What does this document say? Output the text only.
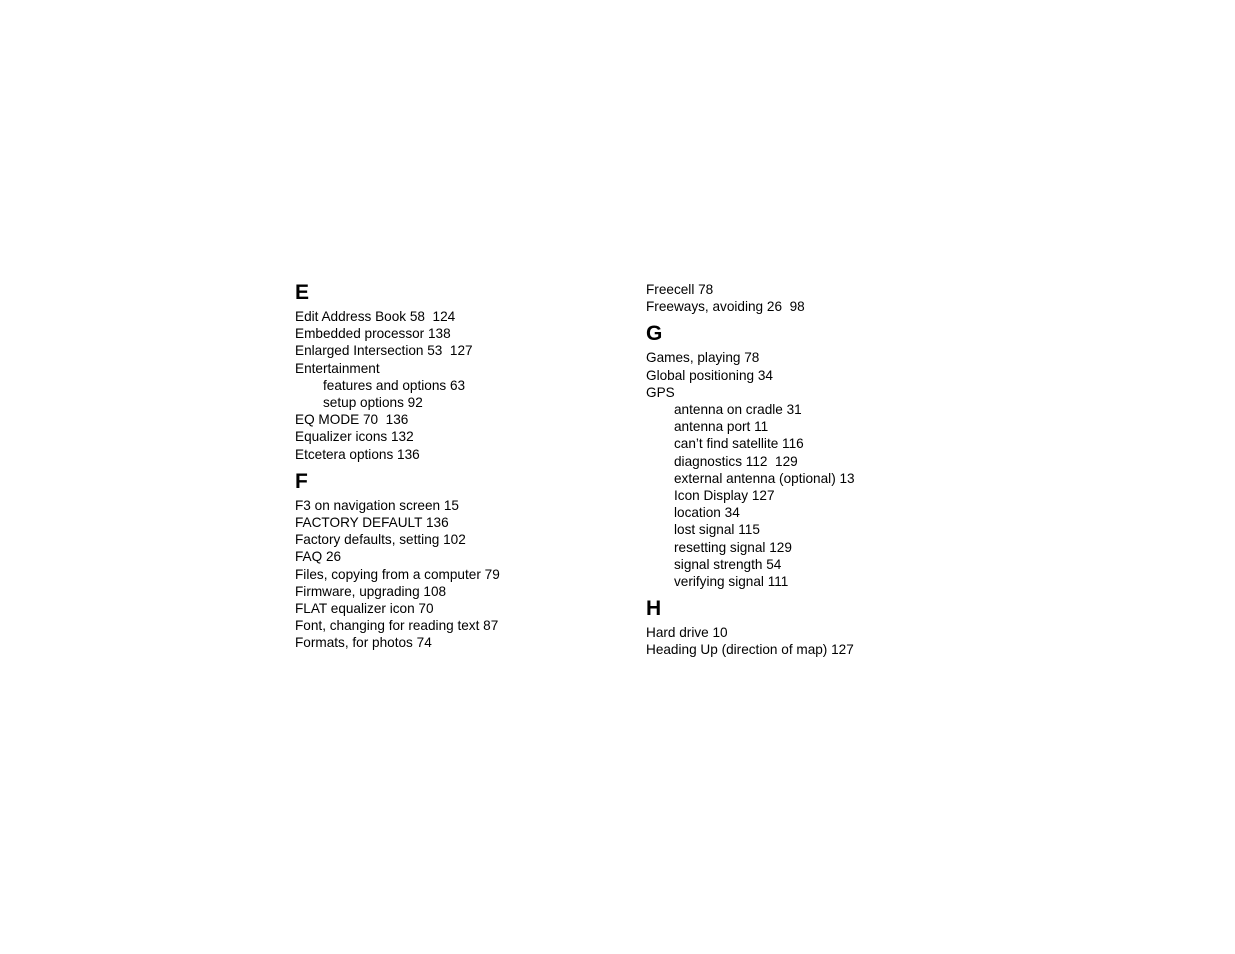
E
Edit Address Book 58  124
Embedded processor 138
Enlarged Intersection 53  127
Entertainment
features and options 63
setup options 92
EQ MODE 70  136
Equalizer icons 132
Etcetera options 136
F
F3 on navigation screen 15
FACTORY DEFAULT 136
Factory defaults, setting 102
FAQ 26
Files, copying from a computer 79
Firmware, upgrading 108
FLAT equalizer icon 70
Font, changing for reading text 87
Formats, for photos 74
Freecell 78
Freeways, avoiding 26  98
G
Games, playing 78
Global positioning 34
GPS
antenna on cradle 31
antenna port 11
can’t find satellite 116
diagnostics 112  129
external antenna (optional) 13
Icon Display 127
location 34
lost signal 115
resetting signal 129
signal strength 54
verifying signal 111
H
Hard drive 10
Heading Up (direction of map) 127
